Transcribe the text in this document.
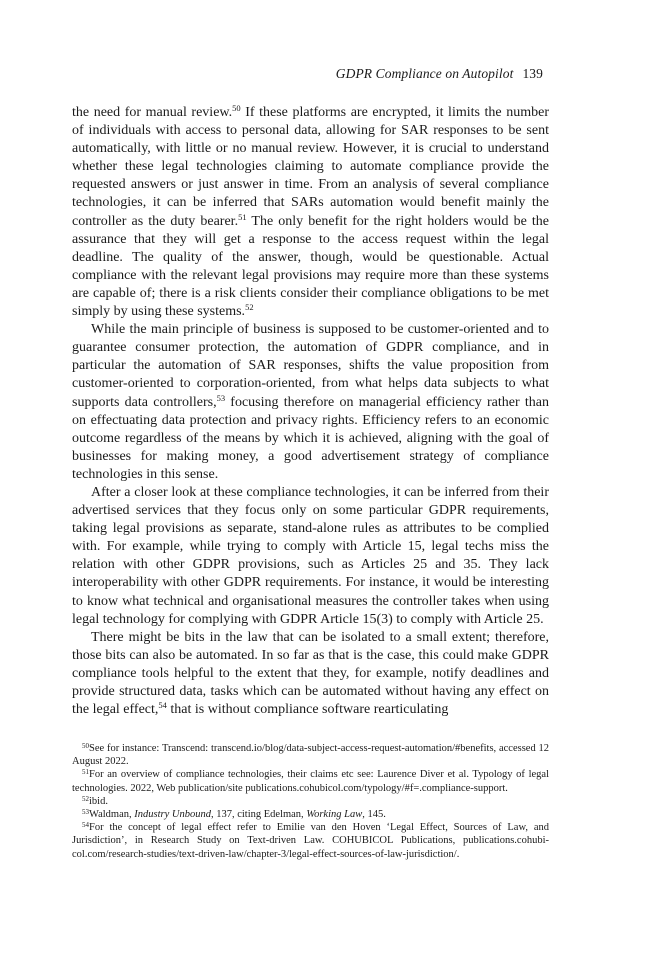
GDPR Compliance on Autopilot 139

the need for manual review.$^{50}$ If these platforms are encrypted, it limits the number of individuals with access to personal data, allowing for SAR responses to be sent automatically, with little or no manual review. However, it is crucial to understand whether these legal technologies claiming to automate compliance provide the requested answers or just answer in time. From an analysis of several compliance technologies, it can be inferred that SARs automation would benefit mainly the controller as the duty bearer.$^{51}$ The only benefit for the right holders would be the assurance that they will get a response to the access request within the legal deadline. The quality of the answer, though, would be questionable. Actual compliance with the relevant legal provisions may require more than these systems are capable of; there is a risk clients consider their compliance obligations to be met simply by using these systems.$^{52}$

While the main principle of business is supposed to be customer-oriented and to guarantee consumer protection, the automation of GDPR compliance, and in particular the automation of SAR responses, shifts the value proposition from customer-oriented to corporation-oriented, from what helps data subjects to what supports data controllers,$^{53}$ focusing therefore on managerial efficiency rather than on effectuating data protection and privacy rights. Efficiency refers to an economic outcome regardless of the means by which it is achieved, aligning with the goal of businesses for making money, a good advertisement strategy of compliance technologies in this sense.

After a closer look at these compliance technologies, it can be inferred from their advertised services that they focus only on some particular GDPR requirements, taking legal provisions as separate, stand-alone rules as attributes to be complied with. For example, while trying to comply with Article 15, legal techs miss the relation with other GDPR provisions, such as Articles 25 and 35. They lack interoperability with other GDPR requirements. For instance, it would be interesting to know what technical and organisational measures the controller takes when using legal technology for complying with GDPR Article 15(3) to comply with Article 25.

There might be bits in the law that can be isolated to a small extent; therefore, those bits can also be automated. In so far as that is the case, this could make GDPR compliance tools helpful to the extent that they, for example, notify deadlines and provide structured data, tasks which can be automated without having any effect on the legal effect,$^{54}$ that is without compliance software rearticulating

$^{50}$See for instance: Transcend: transcend.io/blog/data-subject-access-request-automation/#benefits, accessed 12 August 2022.

$^{51}$For an overview of compliance technologies, their claims etc see: Laurence Diver et al. Typology of legal technologies. 2022, Web publication/site publications.cohubicol.com/typology/#f=.compliance-support.

$^{52}$ibid.

$^{53}$Waldman, Industry Unbound, 137, citing Edelman, Working Law, 145.

$^{54}$For the concept of legal effect refer to Emilie van den Hoven ‘Legal Effect, Sources of Law, and Jurisdiction’, in Research Study on Text-driven Law. COHUBICOL Publications, publications.cohubicol.com/research-studies/text-driven-law/chapter-3/legal-effect-sources-of-law-jurisdiction/.
